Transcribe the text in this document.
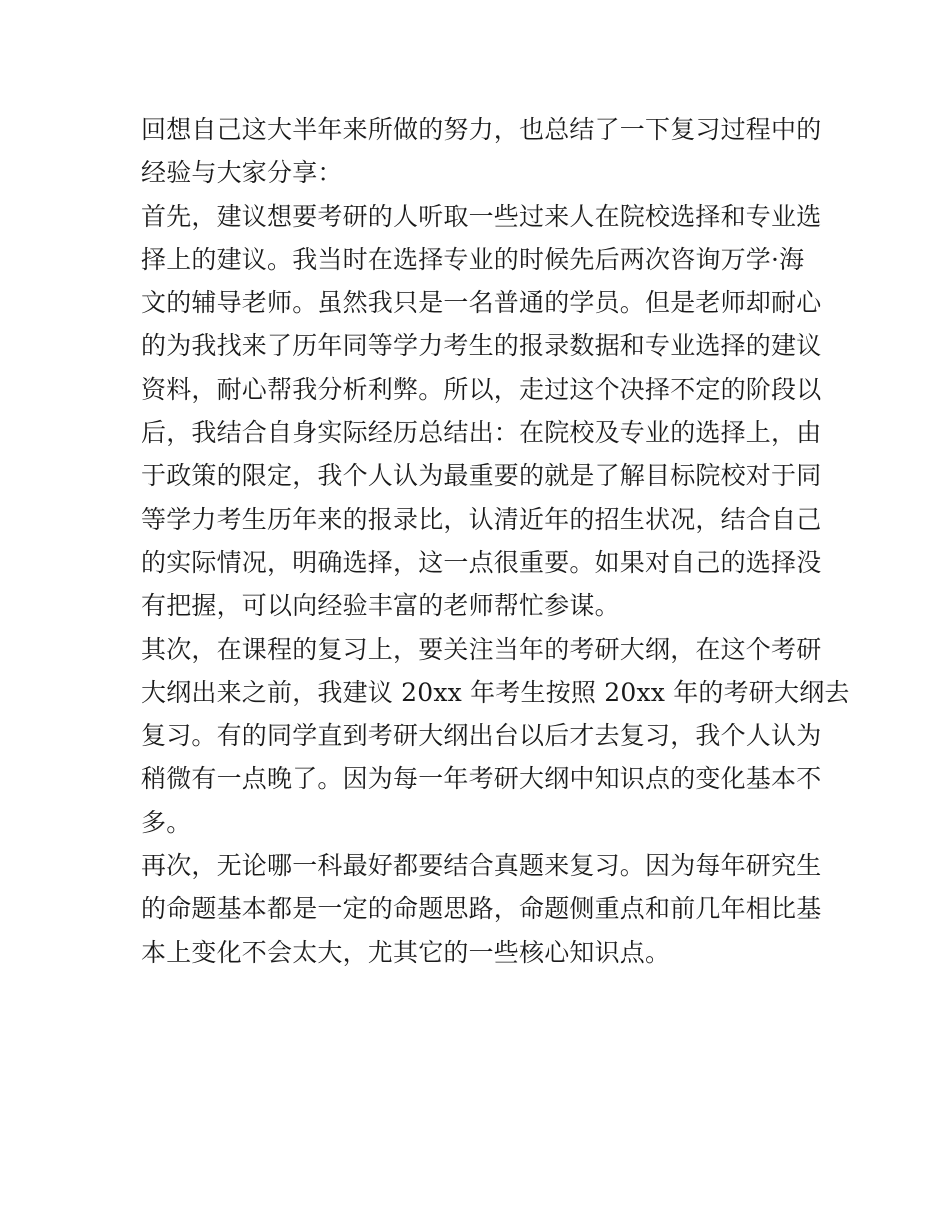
回想自己这大半年来所做的努力，也总结了一下复习过程中的
经验与大家分享：
首先，建议想要考研的人听取一些过来人在院校选择和专业选
择上的建议。我当时在选择专业的时候先后两次咨询万学·海
文的辅导老师。虽然我只是一名普通的学员。但是老师却耐心
的为我找来了历年同等学力考生的报录数据和专业选择的建议
资料，耐心帮我分析利弊。所以，走过这个决择不定的阶段以
后，我结合自身实际经历总结出：在院校及专业的选择上，由
于政策的限定，我个人认为最重要的就是了解目标院校对于同
等学力考生历年来的报录比，认清近年的招生状况，结合自己
的实际情况，明确选择，这一点很重要。如果对自己的选择没
有把握，可以向经验丰富的老师帮忙参谋。
其次，在课程的复习上，要关注当年的考研大纲，在这个考研
大纲出来之前，我建议 20xx 年考生按照 20xx 年的考研大纲去
复习。有的同学直到考研大纲出台以后才去复习，我个人认为
稍微有一点晚了。因为每一年考研大纲中知识点的变化基本不
多。
再次，无论哪一科最好都要结合真题来复习。因为每年研究生
的命题基本都是一定的命题思路，命题侧重点和前几年相比基
本上变化不会太大，尤其它的一些核心知识点。
